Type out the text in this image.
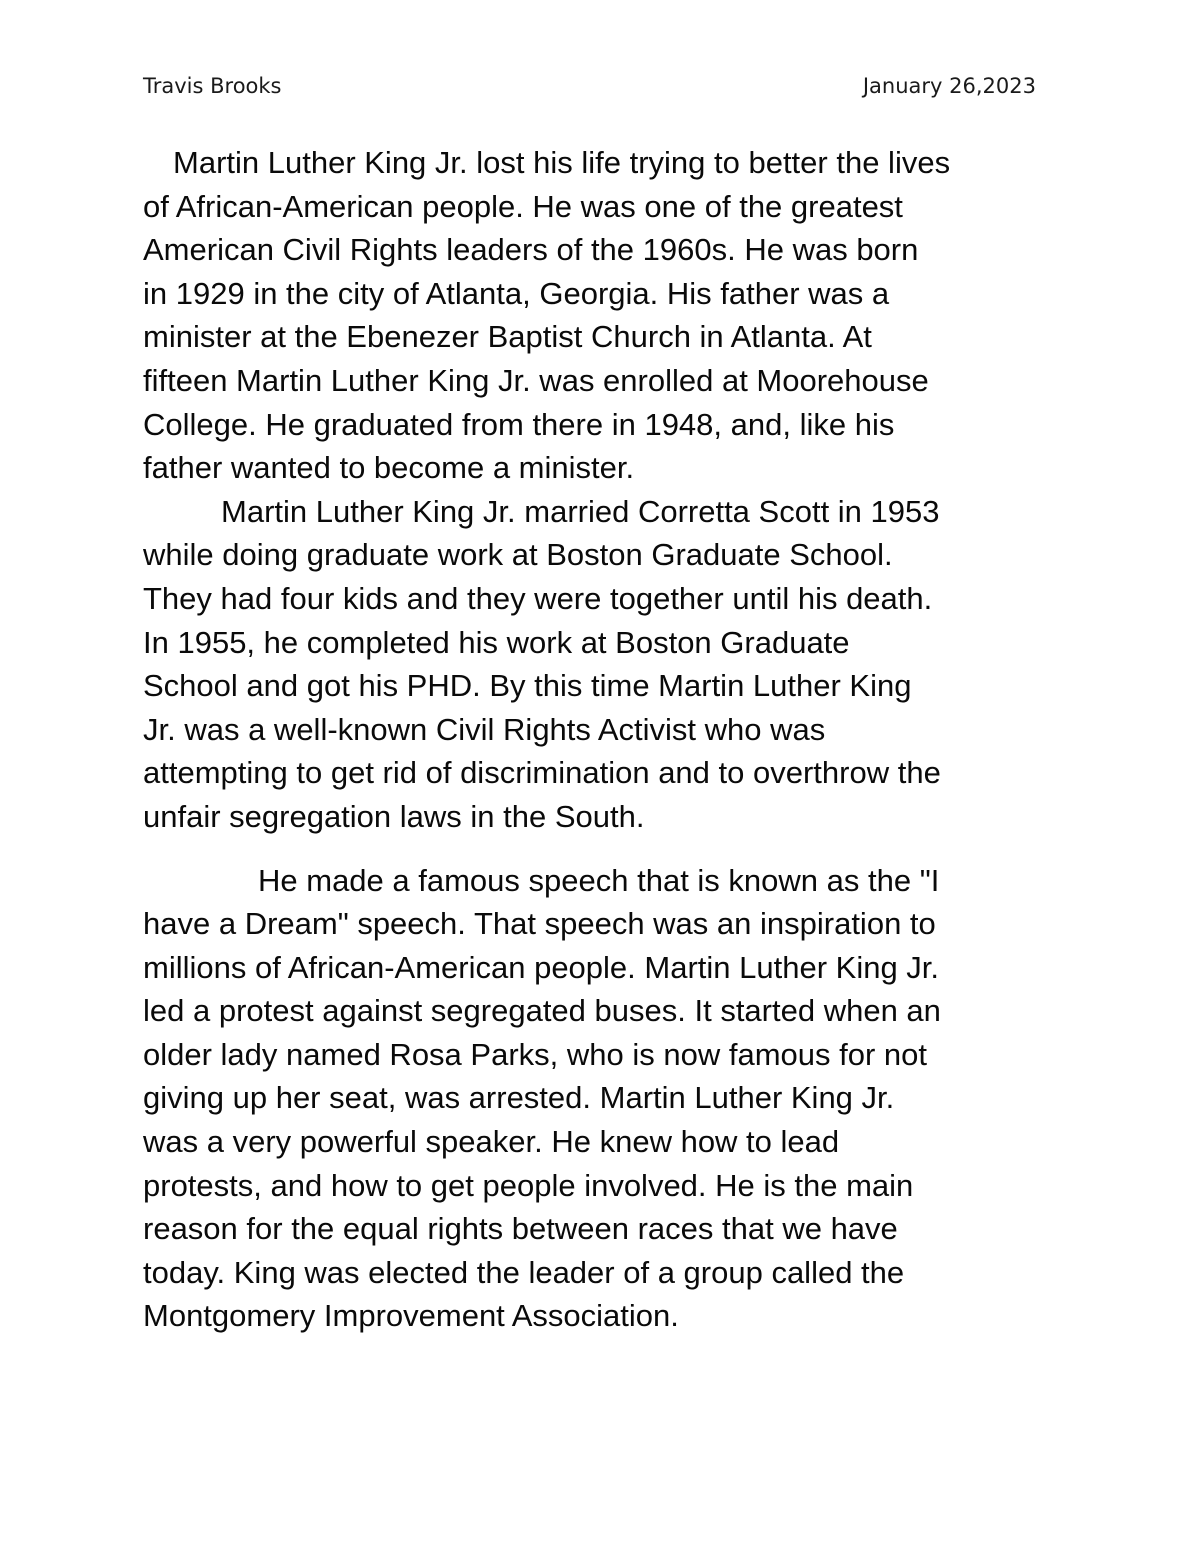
Travis Brooks	January 26,2023
Martin Luther King Jr. lost his life trying to better the lives
of African-American people. He was one of the greatest
American Civil Rights leaders of the 1960s. He was born
in 1929 in the city of Atlanta, Georgia. His father was a
minister at the Ebenezer Baptist Church in Atlanta. At
fifteen Martin Luther King Jr. was enrolled at Moorehouse
College. He graduated from there in 1948, and, like his
father wanted to become a minister.
Martin Luther King Jr. married Corretta Scott in 1953
while doing graduate work at Boston Graduate School.
They had four kids and they were together until his death.
In 1955, he completed his work at Boston Graduate
School and got his PHD. By this time Martin Luther King
Jr. was a well-known Civil Rights Activist who was
attempting to get rid of discrimination and to overthrow the
unfair segregation laws in the South.
He made a famous speech that is known as the "I
have a Dream" speech. That speech was an inspiration to
millions of African-American people. Martin Luther King Jr.
led a protest against segregated buses. It started when an
older lady named Rosa Parks, who is now famous for not
giving up her seat, was arrested. Martin Luther King Jr.
was a very powerful speaker. He knew how to lead
protests, and how to get people involved. He is the main
reason for the equal rights between races that we have
today. King was elected the leader of a group called the
Montgomery Improvement Association.
